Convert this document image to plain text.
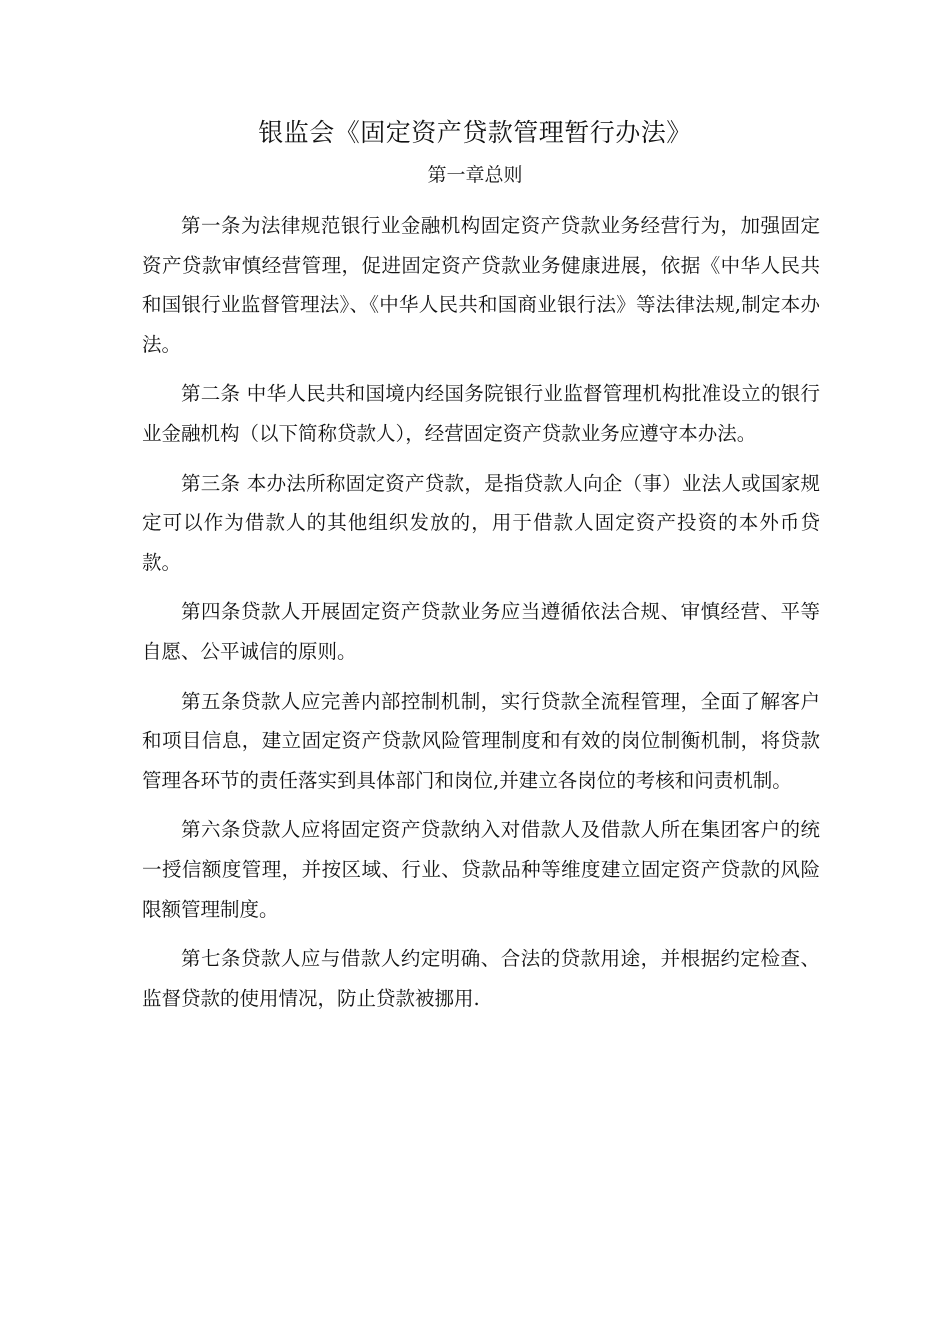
银监会《固定资产贷款管理暂行办法》
第一章总则

第一条为法律规范银行业金融机构固定资产贷款业务经营行为，加强固定资产贷款审慎经营管理，促进固定资产贷款业务健康进展，依据《中华人民共和国银行业监督管理法》、《中华人民共和国商业银行法》等法律法规,制定本办法。

第二条 中华人民共和国境内经国务院银行业监督管理机构批准设立的银行业金融机构（以下简称贷款人），经营固定资产贷款业务应遵守本办法。

第三条 本办法所称固定资产贷款，是指贷款人向企（事）业法人或国家规定可以作为借款人的其他组织发放的，用于借款人固定资产投资的本外币贷款。

第四条贷款人开展固定资产贷款业务应当遵循依法合规、审慎经营、平等自愿、公平诚信的原则。

第五条贷款人应完善内部控制机制，实行贷款全流程管理，全面了解客户和项目信息，建立固定资产贷款风险管理制度和有效的岗位制衡机制，将贷款管理各环节的责任落实到具体部门和岗位,并建立各岗位的考核和问责机制。

第六条贷款人应将固定资产贷款纳入对借款人及借款人所在集团客户的统一授信额度管理，并按区域、行业、贷款品种等维度建立固定资产贷款的风险限额管理制度。

第七条贷款人应与借款人约定明确、合法的贷款用途，并根据约定检查、监督贷款的使用情况，防止贷款被挪用.
